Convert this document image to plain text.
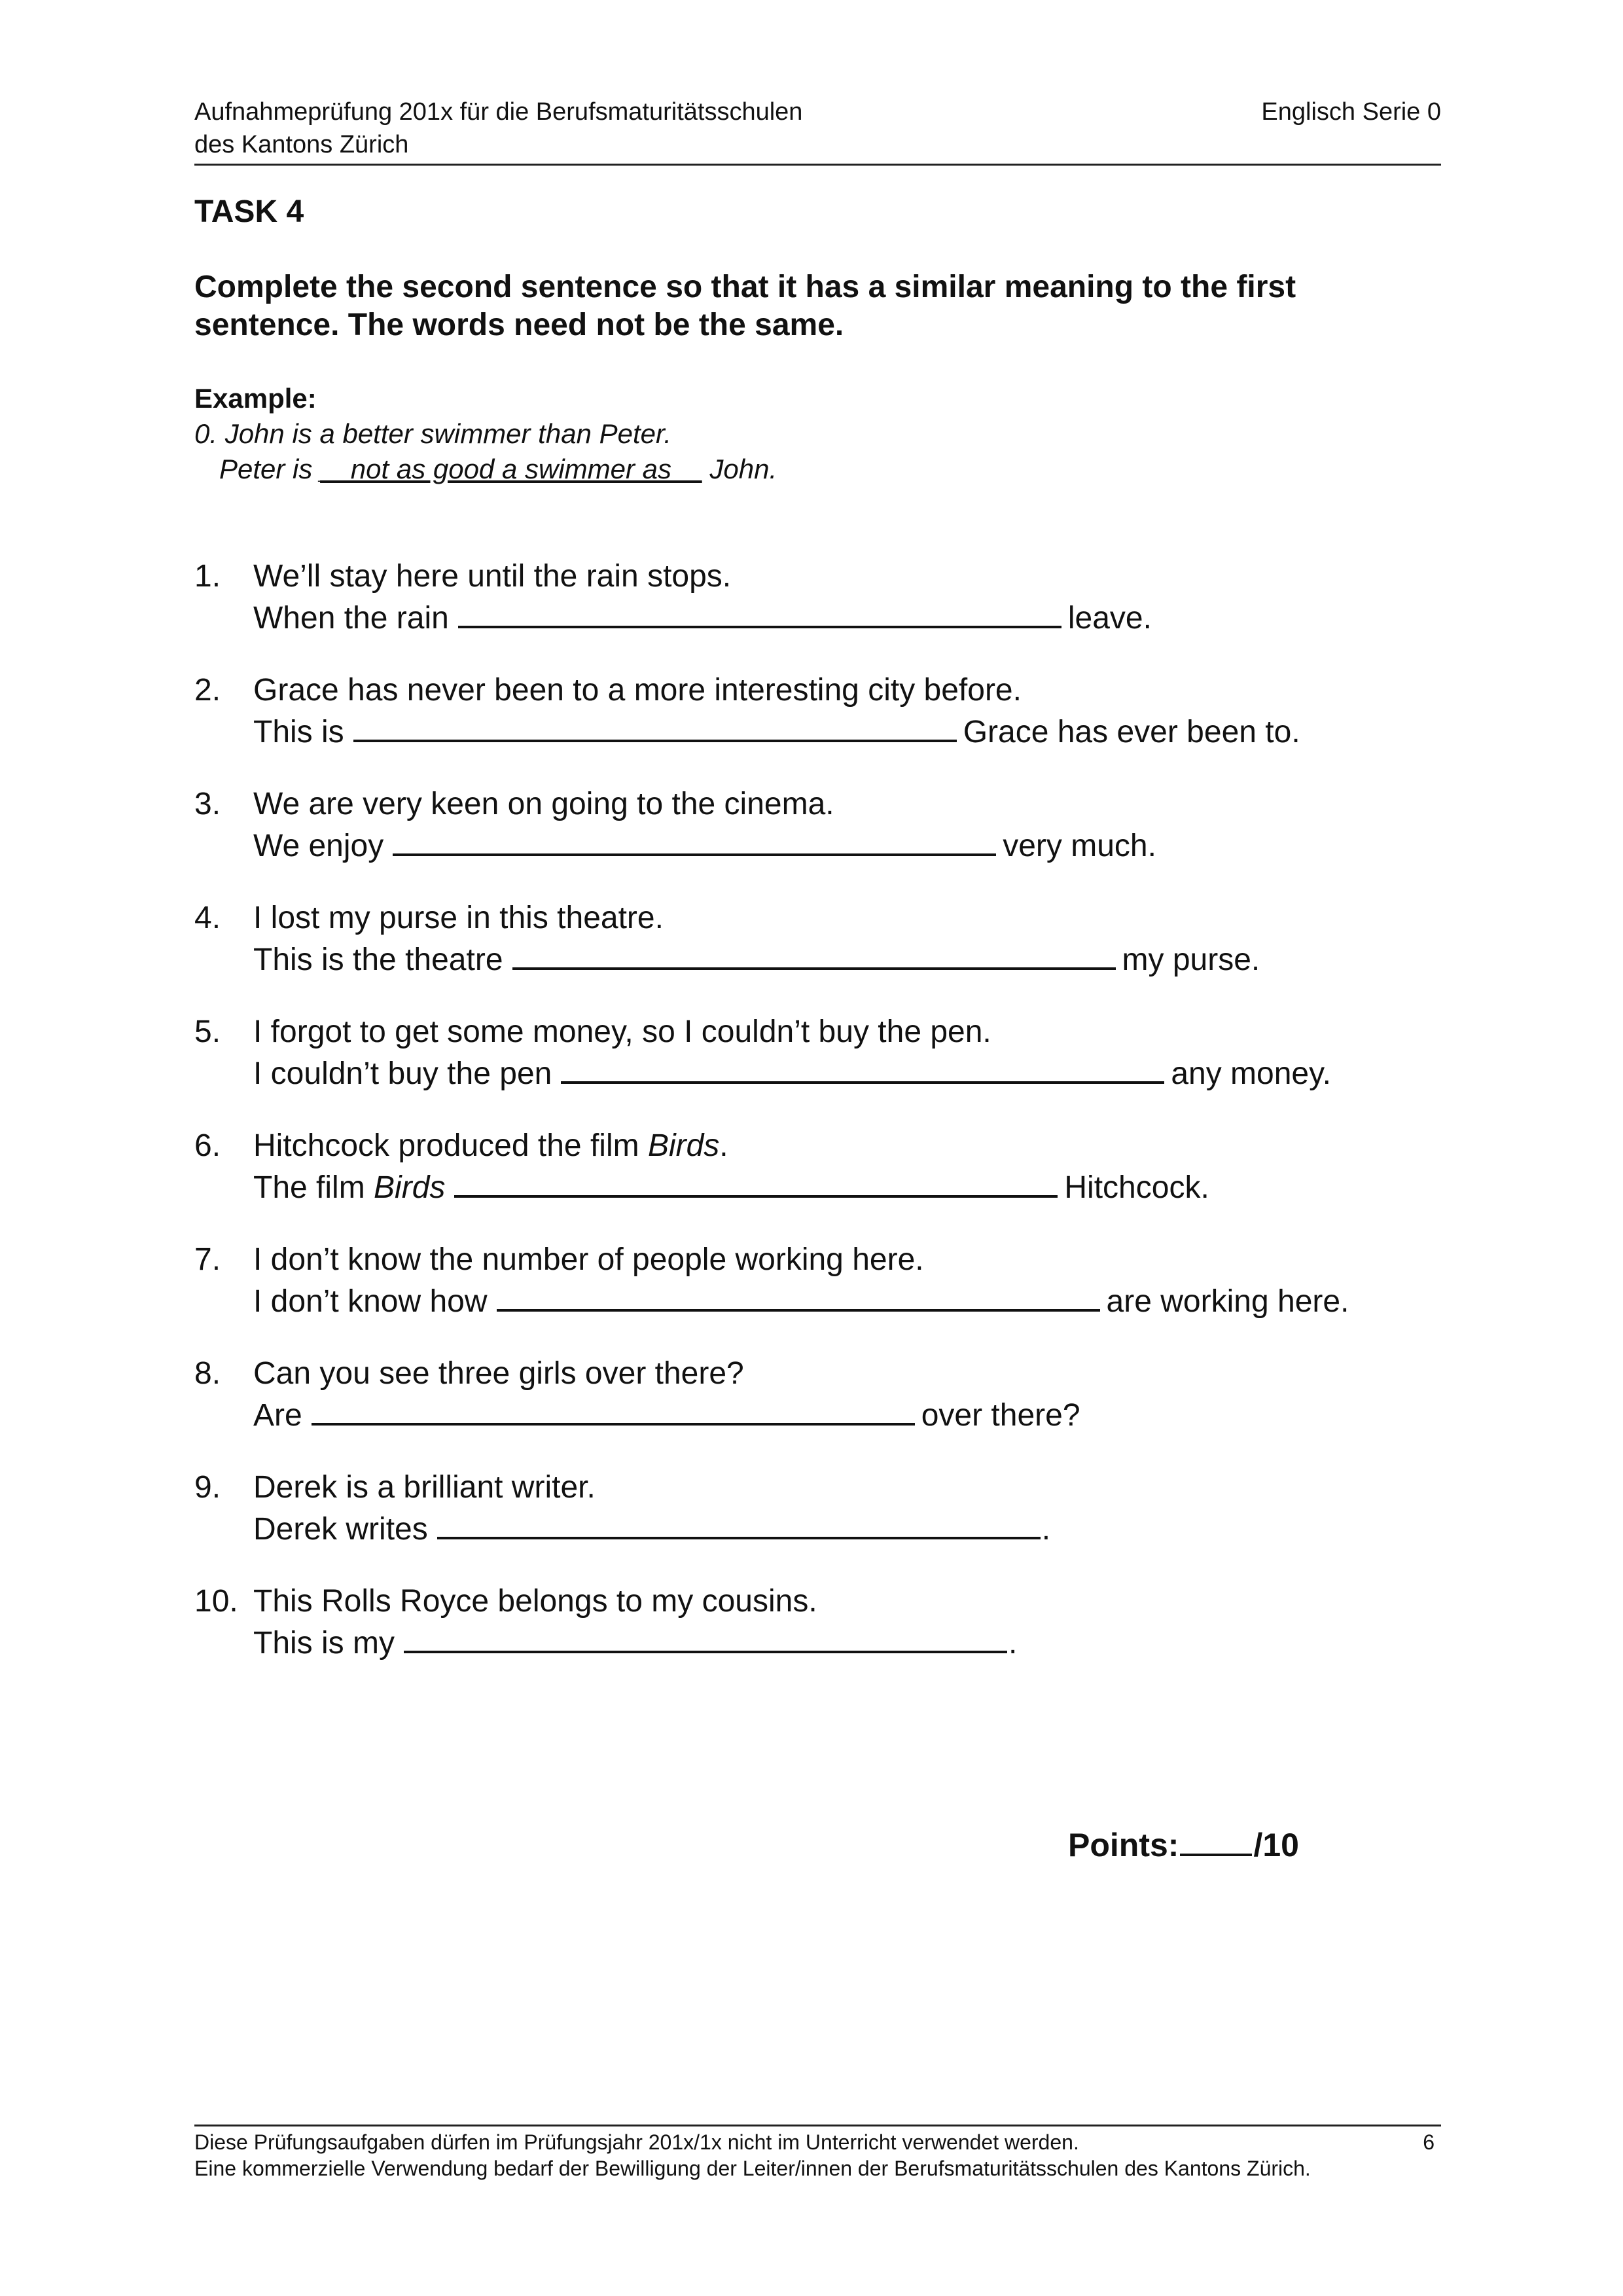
Aufnahmeprüfung 201x für die Berufsmaturitätsschulen
des Kantons Zürich
Englisch Serie 0
TASK 4
Complete the second sentence so that it has a similar meaning to the first sentence. The words need not be the same.
Example:
0. John is a better swimmer than Peter.
Peter is __not as good a swimmer as__ John.
1. We’ll stay here until the rain stops.
When the rain	leave.
2. Grace has never been to a more interesting city before.
This is	Grace has ever been to.
3. We are very keen on going to the cinema.
We enjoy	very much.
4. I lost my purse in this theatre.
This is the theatre	my purse.
5. I forgot to get some money, so I couldn’t buy the pen.
I couldn’t buy the pen	any money.
6. Hitchcock produced the film Birds.
The film Birds	Hitchcock.
7. I don’t know the number of people working here.
I don’t know how	are working here.
8. Can you see three girls over there?
Are	over there?
9. Derek is a brilliant writer.
Derek writes	.
10. This Rolls Royce belongs to my cousins.
This is my	.
Points: /10
Diese Prüfungsaufgaben dürfen im Prüfungsjahr 201x/1x nicht im Unterricht verwendet werden.
Eine kommerzielle Verwendung bedarf der Bewilligung der Leiter/innen der Berufsmaturitätsschulen des Kantons Zürich.
6
